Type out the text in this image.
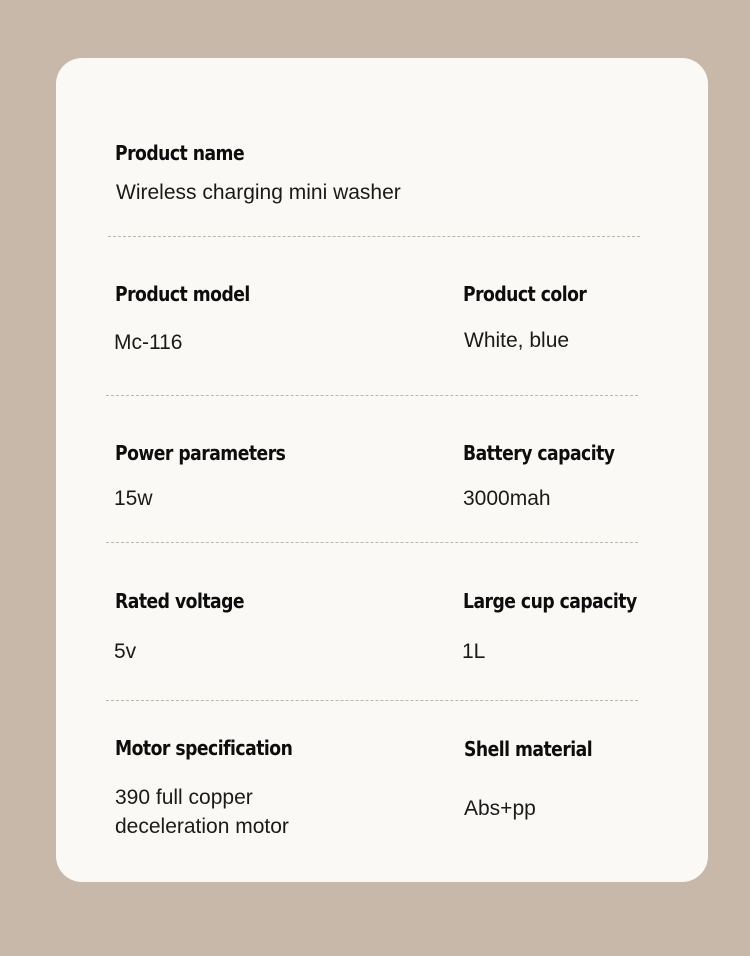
Product name
Wireless charging mini washer
Product model
Mc-116
Product color
White, blue
Power parameters
15w
Battery capacity
3000mah
Rated voltage
5v
Large cup capacity
1L
Motor specification
390 full copper
deceleration motor
Shell material
Abs+pp
